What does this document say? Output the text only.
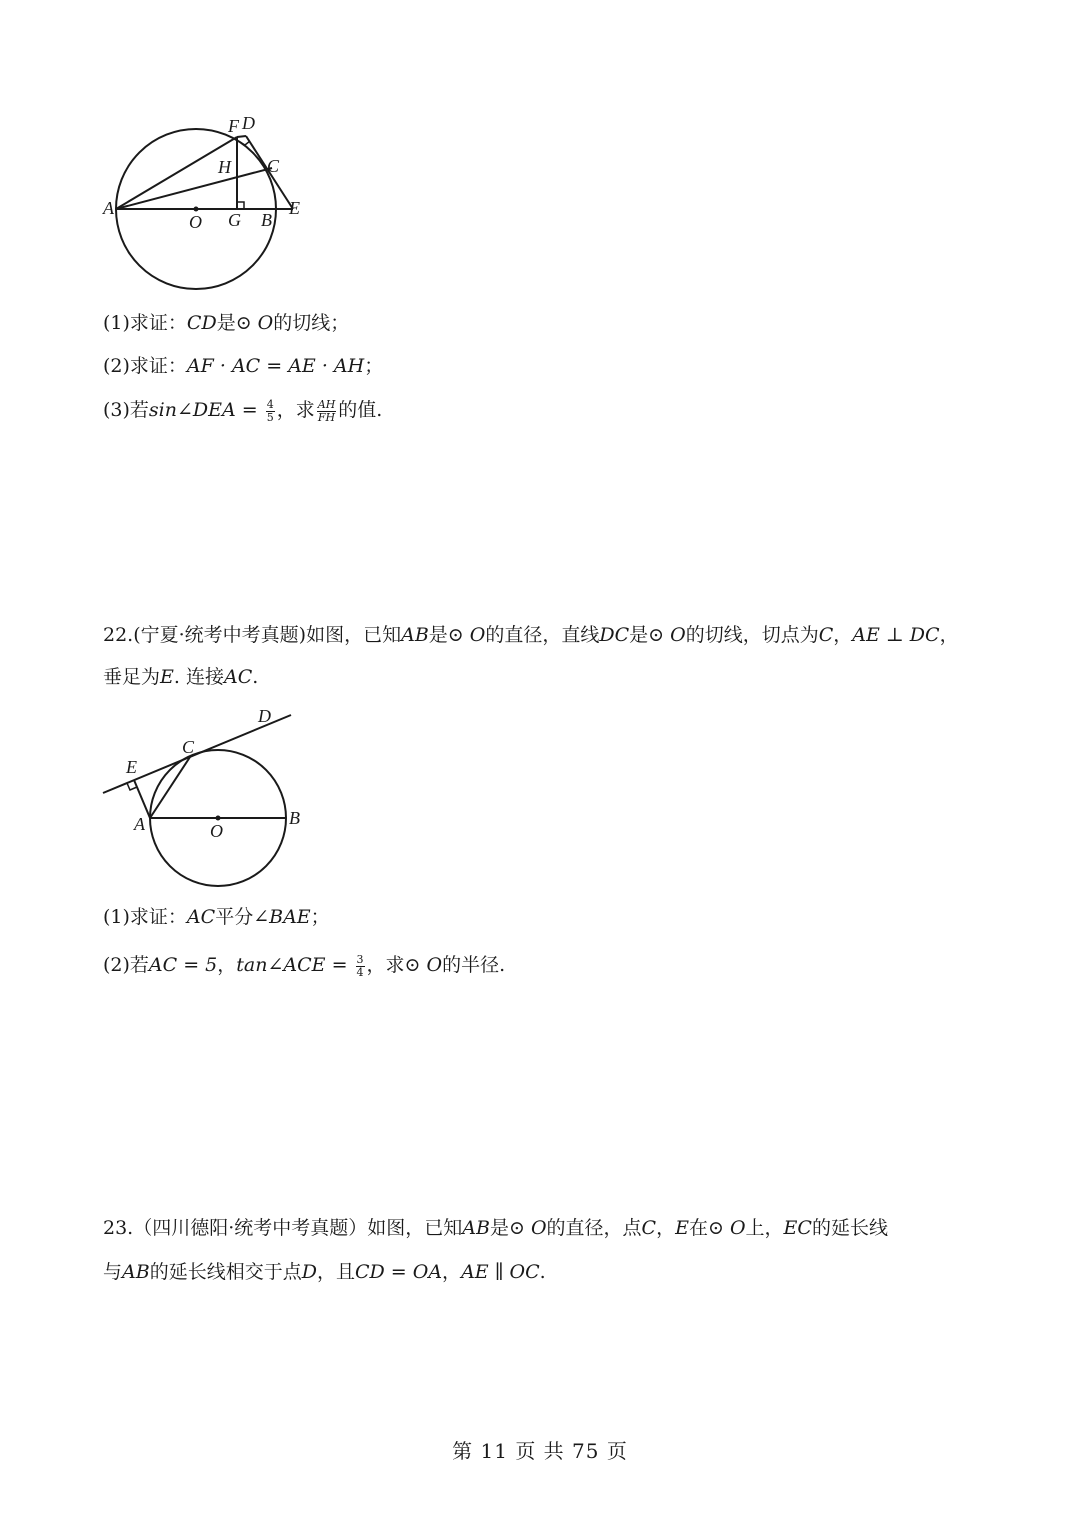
F D
H C
A
O G B
E
(1)求证：CD是⊙ O的切线；
(2)求证：AF · AC = AE · AH；
(3)若sin∠DEA = $\frac{4}{5}$ ，求 $\frac{AH}{FH}$ 的值.
22.(宁夏·统考中考真题)如图，已知AB是⊙ O的直径，直线DC是⊙ O的切线，切点为C，AE ⊥ DC，
垂足为E. 连接AC.
D
C
E
A	O
B
(1)求证：AC平分∠BAE；
(2)若AC = 5，tan∠ACE = $\frac{3}{4}$ ，求⊙ O的半径.
23.（四川德阳·统考中考真题）如图，已知AB是⊙ O的直径，点C，E在⊙ O上，EC的延长线
与AB的延长线相交于点D，且CD = OA，AE ∥ OC.
第 11 页 共 75 页
